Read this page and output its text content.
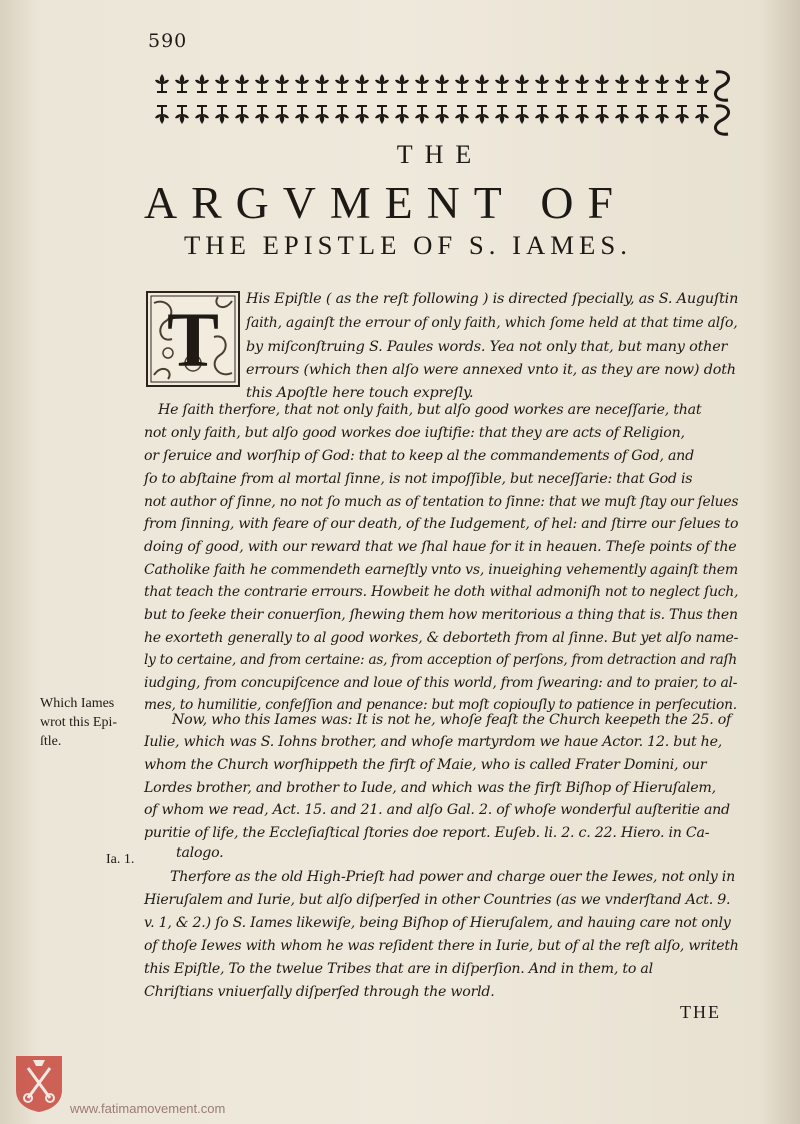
590
THE
ARGVMENT OF
THE EPISTLE OF S. IAMES.
T	His Epiſtle ( as the reſt following ) is directed ſpecially, as S. Auguſtin
ſaith, againſt the errour of only faith, which ſome held at that time alſo,
by miſconſtruing S. Paules words. Yea not only that, but many other
errours (which then alſo were annexed vnto it, as they are now) doth
this Apoſtle here touch expreſly.
He ſaith therfore, that not only faith, but alſo good workes are neceſſarie, that
not only faith, but alſo good workes doe iuſtifie: that they are acts of Religion,
or ſeruice and worſhip of God: that to keep al the commandements of God, and
ſo to abſtaine from al mortal ſinne, is not impoſſible, but neceſſarie: that God is
not author of ſinne, no not ſo much as of tentation to ſinne: that we muſt ſtay our ſelues
from ſinning, with feare of our death, of the Iudgement, of hel: and ſtirre our ſelues to
doing of good, with our reward that we ſhal haue for it in heauen. Theſe points of the
Catholike faith he commendeth earneſtly vnto vs, inueighing vehemently againſt them
that teach the contrarie errours. Howbeit he doth withal admoniſh not to neglect ſuch,
but to ſeeke their conuerſion, ſhewing them how meritorious a thing that is. Thus then
he exorteth generally to al good workes, & deborteth from al ſinne. But yet alſo name-
ly to certaine, and from certaine: as, from acception of perſons, from detraction and raſh
iudging, from concupiſcence and loue of this world, from ſwearing: and to praier, to al-
mes, to humilitie, confeſſion and penance: but moſt copiouſly to patience in perſecution.
Now, who this Iames was: It is not he, whoſe feaſt the Church keepeth the 25. of
Iulie, which was S. Iohns brother, and whoſe martyrdom we haue Actor. 12. but he,
whom the Church worſhippeth the firſt of Maie, who is called Frater Domini, our
Lordes brother, and brother to Iude, and which was the firſt Biſhop of Hieruſalem,
of whom we read, Act. 15. and 21. and alſo Gal. 2. of whoſe wonderful auſteritie and
puritie of life, the Eccleſiaſtical ſtories doe report. Euſeb. li. 2. c. 22. Hiero. in Ca-
talogo.
Therfore as the old High-Prieſt had power and charge ouer the Iewes, not only in
Hieruſalem and Iurie, but alſo diſperſed in other Countries (as we vnderſtand Act. 9.
v. 1, & 2.) ſo S. Iames likewiſe, being Biſhop of Hieruſalem, and hauing care not only
of thoſe Iewes with whom he was reſident there in Iurie, but of al the reſt alſo, writeth
this Epiſtle, To the twelue Tribes that are in diſperſion. And in them, to al
Chriſtians vniuerſally diſperſed through the world.
Which Iames
wrot this Epi-
ſtle.
Ia. 1.
THE
www.fatimamovement.com
